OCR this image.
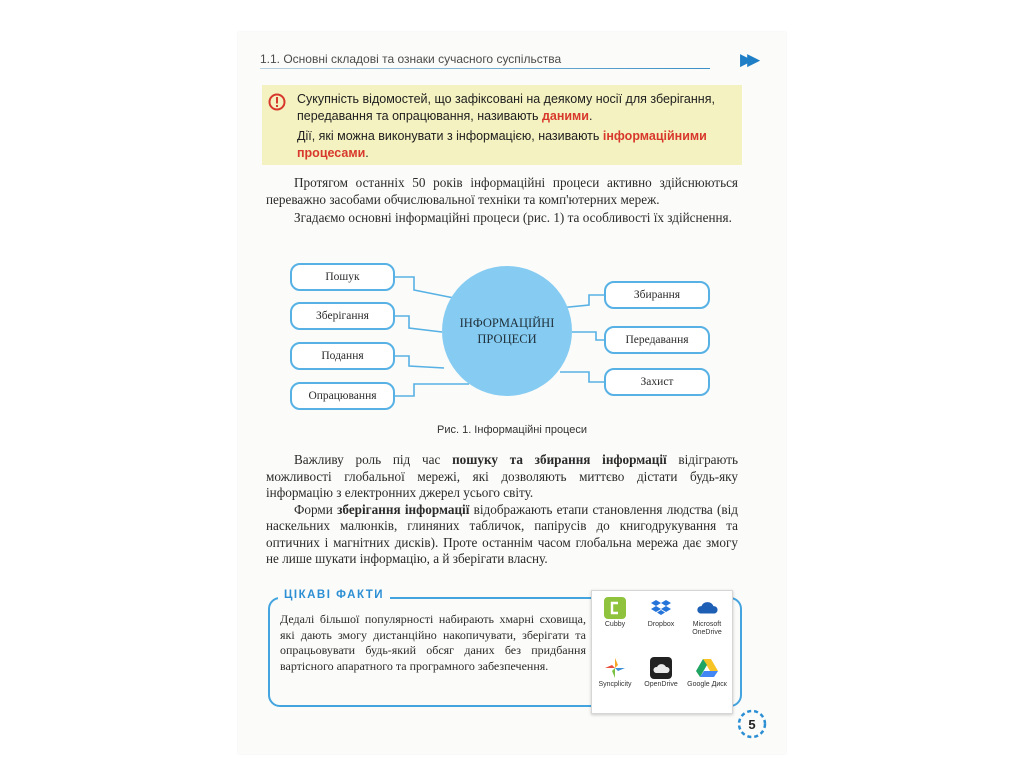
1.1. Основні складові та ознаки сучасного суспільства	▶▶
Сукупність відомостей, що зафіксовані на деякому носії для зберігання, передавання та опрацювання, називають даними.
Дії, які можна виконувати з інформацією, називають інформаційними процесами.

Протягом останніх 50 років інформаційні процеси активно здійснюються переважно засобами обчислювальної техніки та комп'ютерних мереж.

Згадаємо основні інформаційні процеси (рис. 1) та особливості їх здійснення.

Пошук
Зберігання
Подання
Опрацювання
ІНФОРМАЦІЙНІ ПРОЦЕСИ
Збирання
Передавання
Захист
Рис. 1. Інформаційні процеси

Важливу роль під час пошуку та збирання інформації відіграють можливості глобальної мережі, які дозволяють миттєво дістати будь-яку інформацію з електронних джерел усього світу.

Форми зберігання інформації відображають етапи становлення людства (від наскельних малюнків, глиняних табличок, папірусів до книгодрукування та оптичних і магнітних дисків). Проте останнім часом глобальна мережа дає змогу не лише шукати інформацію, а й зберігати власну.

ЦІКАВІ ФАКТИ
Дедалі більшої популярності набирають хмарні сховища, які дають змогу дистанційно накопичувати, зберігати та опрацьовувати будь-який обсяг даних без придбання вартісного апаратного та програмного забезпечення.
Cubby	Dropbox	Microsoft OneDrive
Syncplicity	OpenDrive	Google Диск
5
